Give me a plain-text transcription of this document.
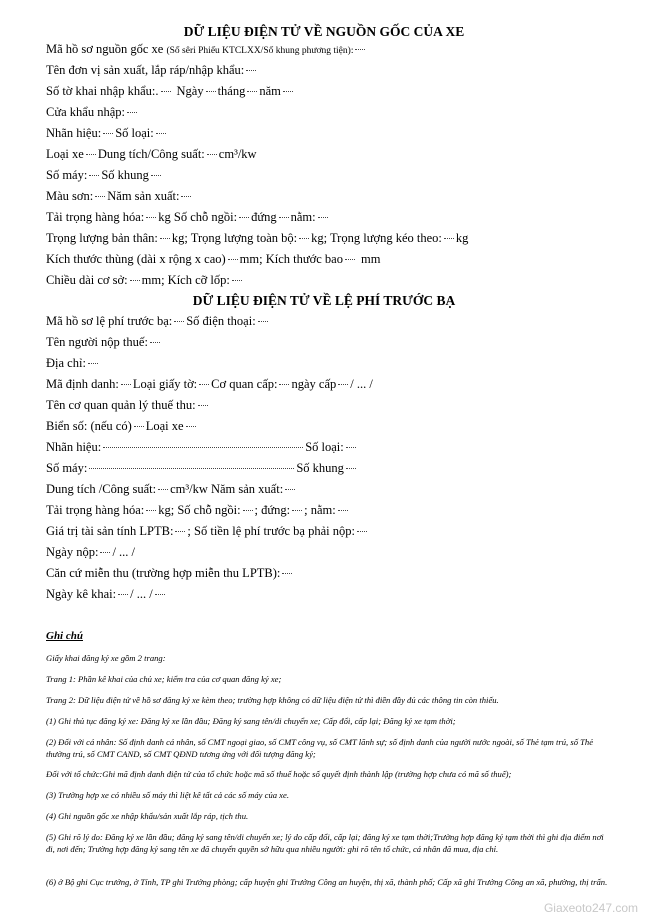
DỮ LIỆU ĐIỆN TỬ VỀ NGUỒN GỐC CỦA XE
Mã hồ sơ nguồn gốc xe
(Số sêri Phiếu KTCLXX/Số khung phương tiện):
Tên đơn vị sản xuất, lắp ráp/nhập khẩu:
Số tờ khai nhập khẩu:. Ngày tháng năm
Cửa khẩu nhập:
Nhãn hiệu: Số loại:
Loại xe Dung tích/Công suất: cm³/kw
Số máy: Số khung
Màu sơn: Năm sản xuất:
Tải trọng hàng hóa: kg Số chỗ ngồi: đứng nằm:
Trọng lượng bản thân: kg; Trọng lượng toàn bộ: kg; Trọng lượng kéo theo: kg
Kích thước thùng (dài x rộng x cao) mm; Kích thước bao mm
Chiều dài cơ sở: mm; Kích cỡ lốp:
DỮ LIỆU ĐIỆN TỬ VỀ LỆ PHÍ TRƯỚC BẠ
Mã hồ sơ lệ phí trước bạ: Số điện thoại:
Tên người nộp thuế:
Địa chỉ:
Mã định danh: Loại giấy tờ: Cơ quan cấp: ngày cấp / ... /
Tên cơ quan quản lý thuế thu:
Biển số: (nếu có) Loại xe
Nhãn hiệu:	Số loại:
Số máy:	Số khung
Dung tích /Công suất: cm³/kw Năm sản xuất:
Tải trọng hàng hóa: kg; Số chỗ ngồi: ; đứng: ; nằm:
Giá trị tài sản tính LPTB: ; Số tiền lệ phí trước bạ phải nộp:
Ngày nộp: / ... /
Căn cứ miễn thu (trường hợp miễn thu LPTB):
Ngày kê khai: / ... /
Ghi chú
Giấy khai đăng ký xe gồm 2 trang:
Trang 1: Phần kê khai của chủ xe; kiểm tra của cơ quan đăng ký xe;
Trang 2: Dữ liệu điện tử về hồ sơ đăng ký xe kèm theo; trường hợp không có dữ liệu điện tử thì điền đầy đủ các thông tin còn thiếu.
(1) Ghi thủ tục đăng ký xe: Đăng ký xe lần đầu; Đăng ký sang tên/di chuyển xe; Cấp đổi, cấp lại; Đăng ký xe tạm thời;
(2) Đối với cá nhân: Số định danh cá nhân, số CMT ngoại giao, số CMT công vụ, số CMT lãnh sự; số định danh của người nước ngoài, số Thẻ tạm trú, số Thẻ thường trú, số CMT CAND, số CMT QĐND tương ứng với đối tượng đăng ký;
Đối với tổ chức:Ghi mã định danh điện tử của tổ chức hoặc mã số thuế hoặc số quyết định thành lập (trường hợp chưa có mã số thuế);
(3) Trường hợp xe có nhiều số máy thì liệt kê tất cả các số máy của xe.
(4) Ghi nguồn gốc xe nhập khẩu/sản xuất lắp ráp, tịch thu.
(5) Ghi rõ lý do: Đăng ký xe lần đầu; đăng ký sang tên/di chuyển xe; lý do cấp đổi, cấp lại; đăng ký xe tạm thời;Trường hợp đăng ký tạm thời thì ghi địa điểm nơi đi, nơi đến; Trường hợp đăng ký sang tên xe đã chuyển quyền sở hữu qua nhiều người: ghi rõ tên tổ chức, cá nhân đã mua, địa chỉ.
(6) ở Bộ ghi Cục trưởng, ở Tỉnh, TP ghi Trưởng phòng; cấp huyện ghi Trưởng Công an huyện, thị xã, thành phố; Cấp xã ghi Trưởng Công an xã, phường, thị trấn.
Giaxeoto247.com
